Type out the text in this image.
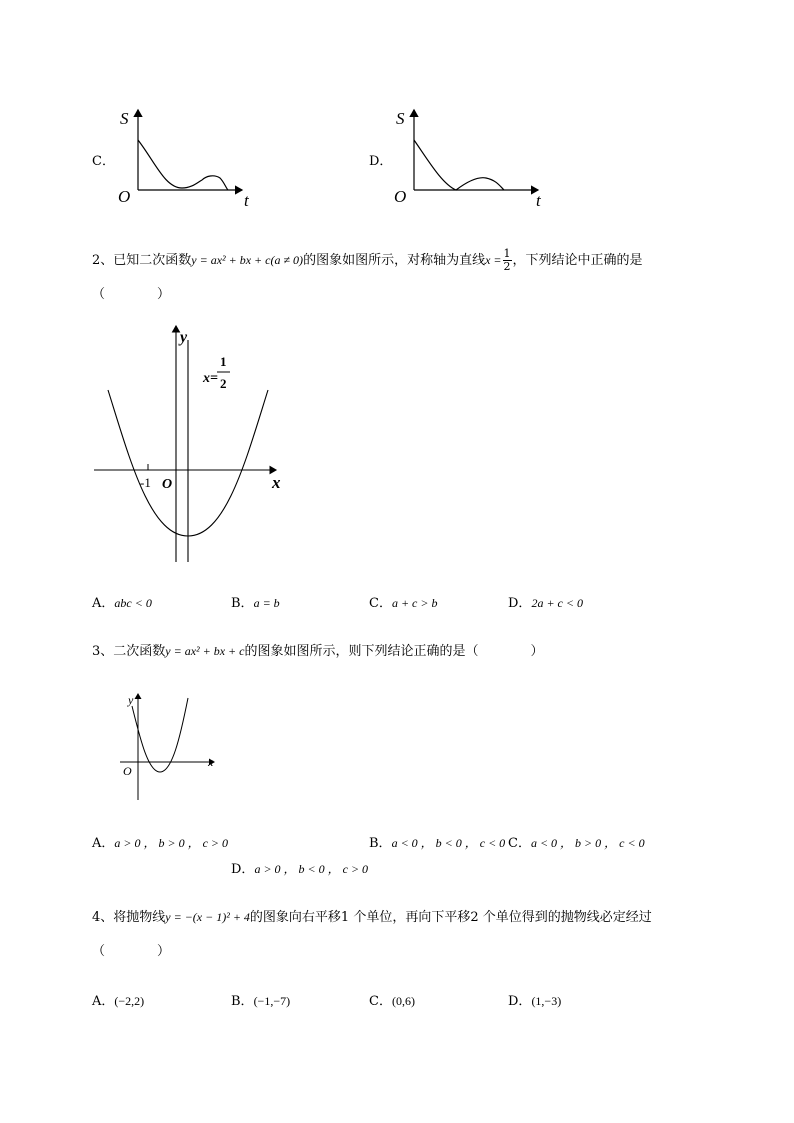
C．
S
O	t
D．
S
O	t
2、已知二次函数y = ax² + bx + c(a ≠ 0)的图象如图所示，对称轴为直线$x = \frac{1}{2}$ ，下列结论中正确的是
（　　　　）
y
x
O
-1
x=
1
2
A．abc < 0	B．a = b	C．a + c > b	D．2a + c < 0
3、二次函数y = ax² + bx + c的图象如图所示，则下列结论正确的是（　　　　）
y
x
O
A．a > 0 ， b > 0 ， c > 0	B．a < 0 ， b < 0 ， c < 0 C．a < 0 ， b > 0 ， c < 0
D．a > 0 ， b < 0 ， c > 0
4、将抛物线y = −(x − 1)² + 4的图象向右平移1 个单位，再向下平移2 个单位得到的抛物线必定经过
（　　　　）
A．(−2,2)	B．(−1,−7)	C．(0,6)	D．(1,−3)
